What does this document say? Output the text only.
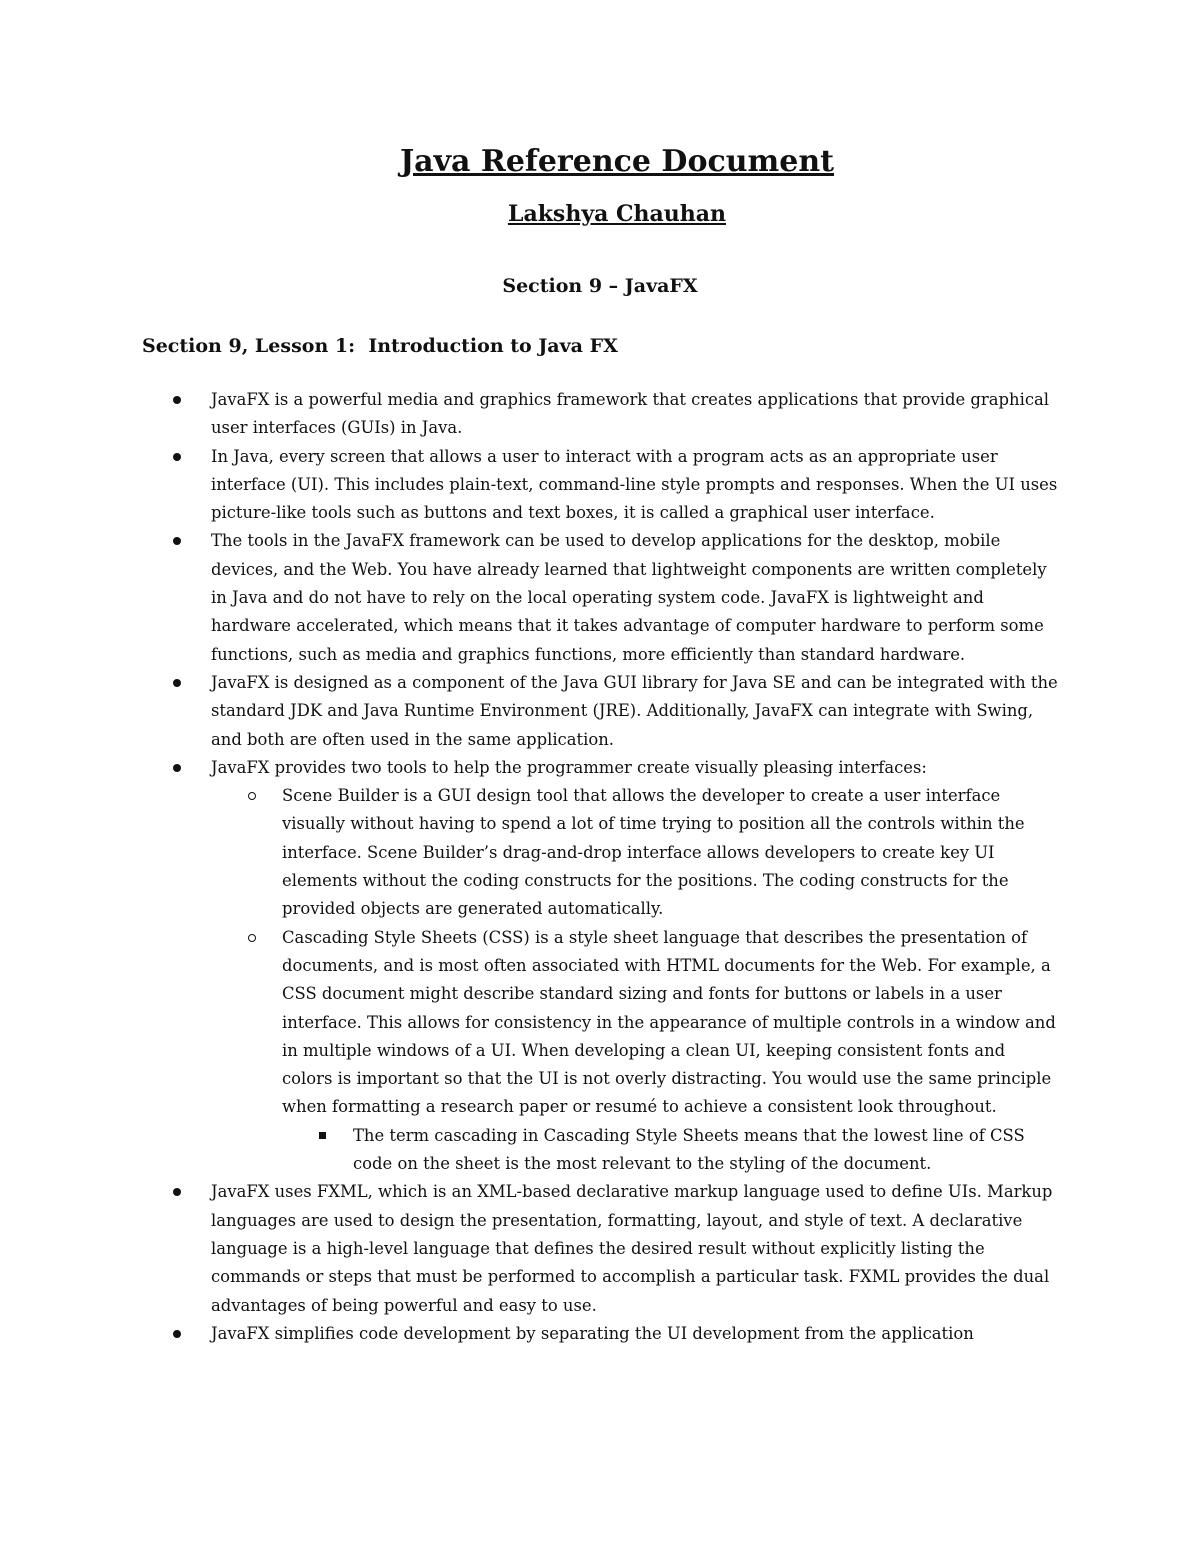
Java Reference Document
Lakshya Chauhan
Section 9 – JavaFX
Section 9, Lesson 1:  Introduction to Java FX
JavaFX is a powerful media and graphics framework that creates applications that provide graphical user interfaces (GUIs) in Java.
In Java, every screen that allows a user to interact with a program acts as an appropriate user interface (UI). This includes plain-text, command-line style prompts and responses. When the UI uses picture-like tools such as buttons and text boxes, it is called a graphical user interface.
The tools in the JavaFX framework can be used to develop applications for the desktop, mobile devices, and the Web. You have already learned that lightweight components are written completely in Java and do not have to rely on the local operating system code. JavaFX is lightweight and hardware accelerated, which means that it takes advantage of computer hardware to perform some functions, such as media and graphics functions, more efficiently than standard hardware.
JavaFX is designed as a component of the Java GUI library for Java SE and can be integrated with the standard JDK and Java Runtime Environment (JRE). Additionally, JavaFX can integrate with Swing, and both are often used in the same application.
JavaFX provides two tools to help the programmer create visually pleasing interfaces:
Scene Builder is a GUI design tool that allows the developer to create a user interface visually without having to spend a lot of time trying to position all the controls within the interface. Scene Builder’s drag-and-drop interface allows developers to create key UI elements without the coding constructs for the positions. The coding constructs for the provided objects are generated automatically.
Cascading Style Sheets (CSS) is a style sheet language that describes the presentation of documents, and is most often associated with HTML documents for the Web. For example, a CSS document might describe standard sizing and fonts for buttons or labels in a user interface. This allows for consistency in the appearance of multiple controls in a window and in multiple windows of a UI. When developing a clean UI, keeping consistent fonts and colors is important so that the UI is not overly distracting. You would use the same principle when formatting a research paper or resumé to achieve a consistent look throughout.
The term cascading in Cascading Style Sheets means that the lowest line of CSS code on the sheet is the most relevant to the styling of the document.
JavaFX uses FXML, which is an XML-based declarative markup language used to define UIs. Markup languages are used to design the presentation, formatting, layout, and style of text. A declarative language is a high-level language that defines the desired result without explicitly listing the commands or steps that must be performed to accomplish a particular task. FXML provides the dual advantages of being powerful and easy to use.
JavaFX simplifies code development by separating the UI development from the application
